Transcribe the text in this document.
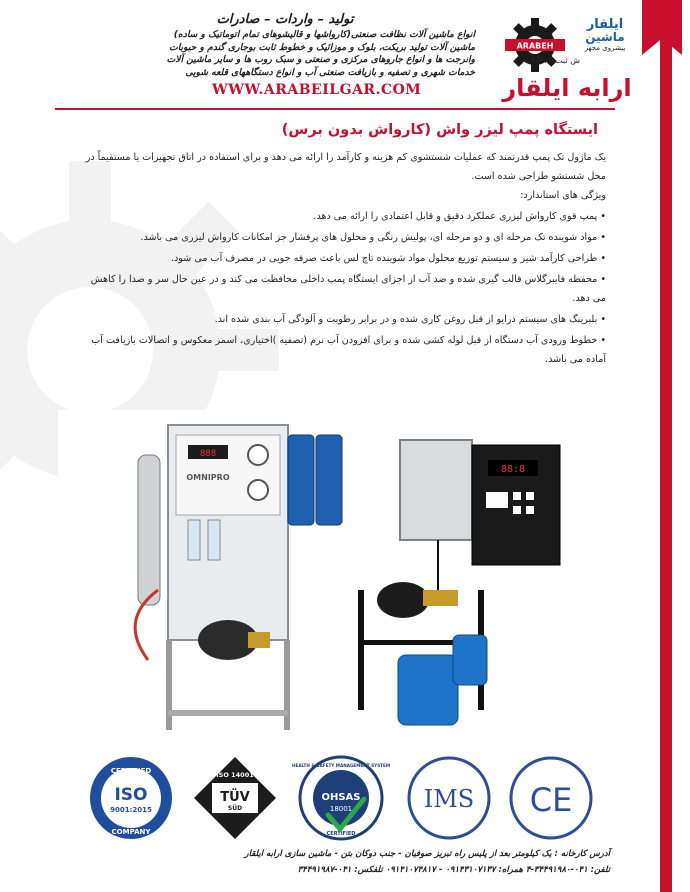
تولید – واردات – صادرات
انواع ماشین آلات نظافت صنعتی(کارواشها و قالیشوهای تمام اتوماتیک و ساده)
ماشین آلات تولید بریکت، بلوک و موزائیک و خطوط ثابت بوجاری گندم و حبوبات
وانرجت ها و انواع جاروهای مرکزی و صنعتی و سبک روب ها و سایر ماشین آلات
خدمات شهری و تصفیه و بازیافت صنعتی آب و انواع دستگاههای قلعه شویی
WWW.ARABEILGAR.COM
ARABEH
ایلقار
ماشین
پیشروی مجهز
ش ثبت ۱۶۶۳۴
ارابه ایلقار
ایستگاه پمپ لیزر واش (کارواش بدون برس)

یک ماژول تک پمپ قدرتمند که عملیات شستشوی کم هزینه و کارآمد را ارائه می دهد و برای استفاده در اتاق تجهیزات یا مستقیماً در محل شستشو طراحی شده است.

ویژگی های استاندارد:

• پمپ قوی کارواش لیزری عملکرد دقیق و قابل اعتمادی را ارائه می دهد.

• مواد شوینده تک مرحله ای و دو مرحله ای، پولیش رنگی و محلول های پرفشار جز امکانات کارواش لیزری می باشد.

• طراحی کارآمد شیر و سیستم توزیع محلول مواد شوینده تاچ لس باعث صرفه جویی در مصرف آب می شود.

• محفظه فایبرگلاس قالب گیری شده و ضد آب از اجزای ایستگاه پمپ داخلی محافظت می کند و در عین حال سر و صدا را کاهش می دهد.

• بلبرینگ های سیستم درایو از قبل روغن کاری شده و در برابر رطوبت و آلودگی آب بندی شده اند.

• خطوط ورودی آب دستگاه از قبل لوله کشی شده و برای افزودن آب نرم (تصفیه )اختیاری، اسمز معکوس و اتصالات بازیافت آب آماده می باشد.

888
OMNIPRO
88:8
CERTIFIED
ISO
9001:2015
COMPANY
ISO 14001
TÜV
SÜD
OHSAS
18001
HEALTH & SAFETY MANAGEMENT SYSTEM
CERTIFIED
IMS CE
آدرس کارخانه : یک کیلومتر بعد از پلیس راه تبریز صوفیان - جنب دوکان بتن - ماشین سازی ارابه ایلقار
تلفن: ۰۴۱-۳۴۴۹۱۹۸۰-۴ همراه: ۰۹۱۴۳۱۰۷۱۳۷ - ۰۹۱۴۱۰۷۴۸۱۷ تلفکس: ۰۴۱-۳۴۴۹۱۹۸۷
